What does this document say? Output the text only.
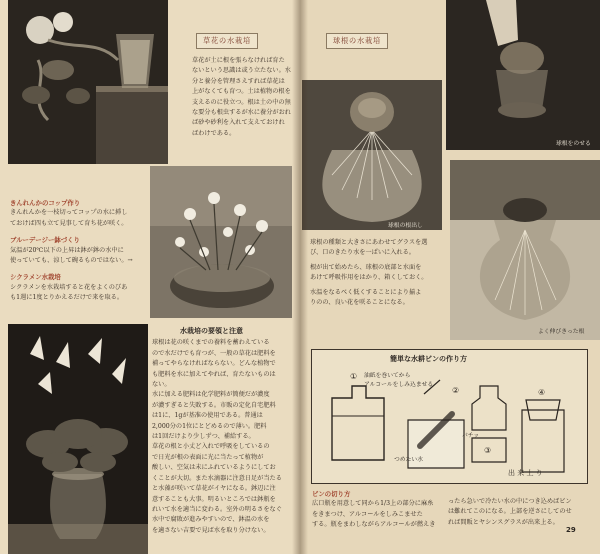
草花の水栽培
草花が土に根を張らなければ育た
ないという思識は或う立たない。水
分と養分を管理さえすれば草花は
上がなくても育つ。土は植物の根を
支えるのに役立つ。根は土の中の無
な要分も根虫するが水に養分がおれ
ば砂や砂利を入れて支えておけれ
ばわけである。
きんれんかのコップ作り
きんれんかを一枝切ってコップの水に挿し
ておけば四も立て見事して育ち花が咲く。
ブルーデージー鉢づくり
気温が20℃以下の上昇は鉢が鉢の水中に
使っていても、涼して碗るものではない。→
シクラメン水栽培
シクラメンを水栽培すると花をよくのびあ
も1週に1度とりかえるだけで来を取る。
水栽培の要領と注意
球根は花の咲くまでの養料を蓄わえている
ので水だけでも育つが、一般の草花は肥料を
補ってやらなければならない。どんな植物で
も肥料を水に加えてやれば、育たないものは
ない。
水に加える肥料は化学肥料が簡便だが濃度
が濃すぎると失敗する。市販の定化自宅肥料
は1に、1gが基准の使用である。普通は
2,000分の1位にとどめるので薄い。肥料
は1回だけより少しずつ、補給する。
草花の根と小丈ど入れで呼吸をしているの
で日光が根の表面に光に当たって植物が
酸しい、空気は未にふれているようにしてお
くことが大切。また水滴器に注意日足が当たる
と水藻が咲いて草花がイヤになる。鉢辺に注
意することも大事。明るいところでは鉢瓶を
れいて水を適当に変わる。室外の明るさをなぐ
水中で腐敗が進みやすいので、鉢温の水を
を適さない吉要で見ば水を取り分けない。
球根の水栽培
球根の根出し
球根をのせる
球根の種類と大きさにあわせてグラスを選
び、口のきたり水を一ぱいに入れる。
根が出て始めたら、球根の底部と水面を
あけて呼吸作用をはかり、箱くしておく。
水温をなるべく低くすることにより揃よ
りのの、良い花を咲ることになる。
よく伸びきった根
簡単な水耕ビンの作り方
①
②
③
④
油紙を巻いてから
アルコールをしみ込ませる
つめたい水
パチッ
出 来 上 り
ビンの切り方
広口瓶を用意して同から1/3上の部分に麻糸
をきまつけ、アルコールをしみこませた
する。瓶をまわしながらアルコールが燃えき
ったら急いで冷たい水の中につき込めばビン
は難れてこのになる。上部を逆さにしてのせ
れば間販とヤシンスグラスが出来上る。
29
